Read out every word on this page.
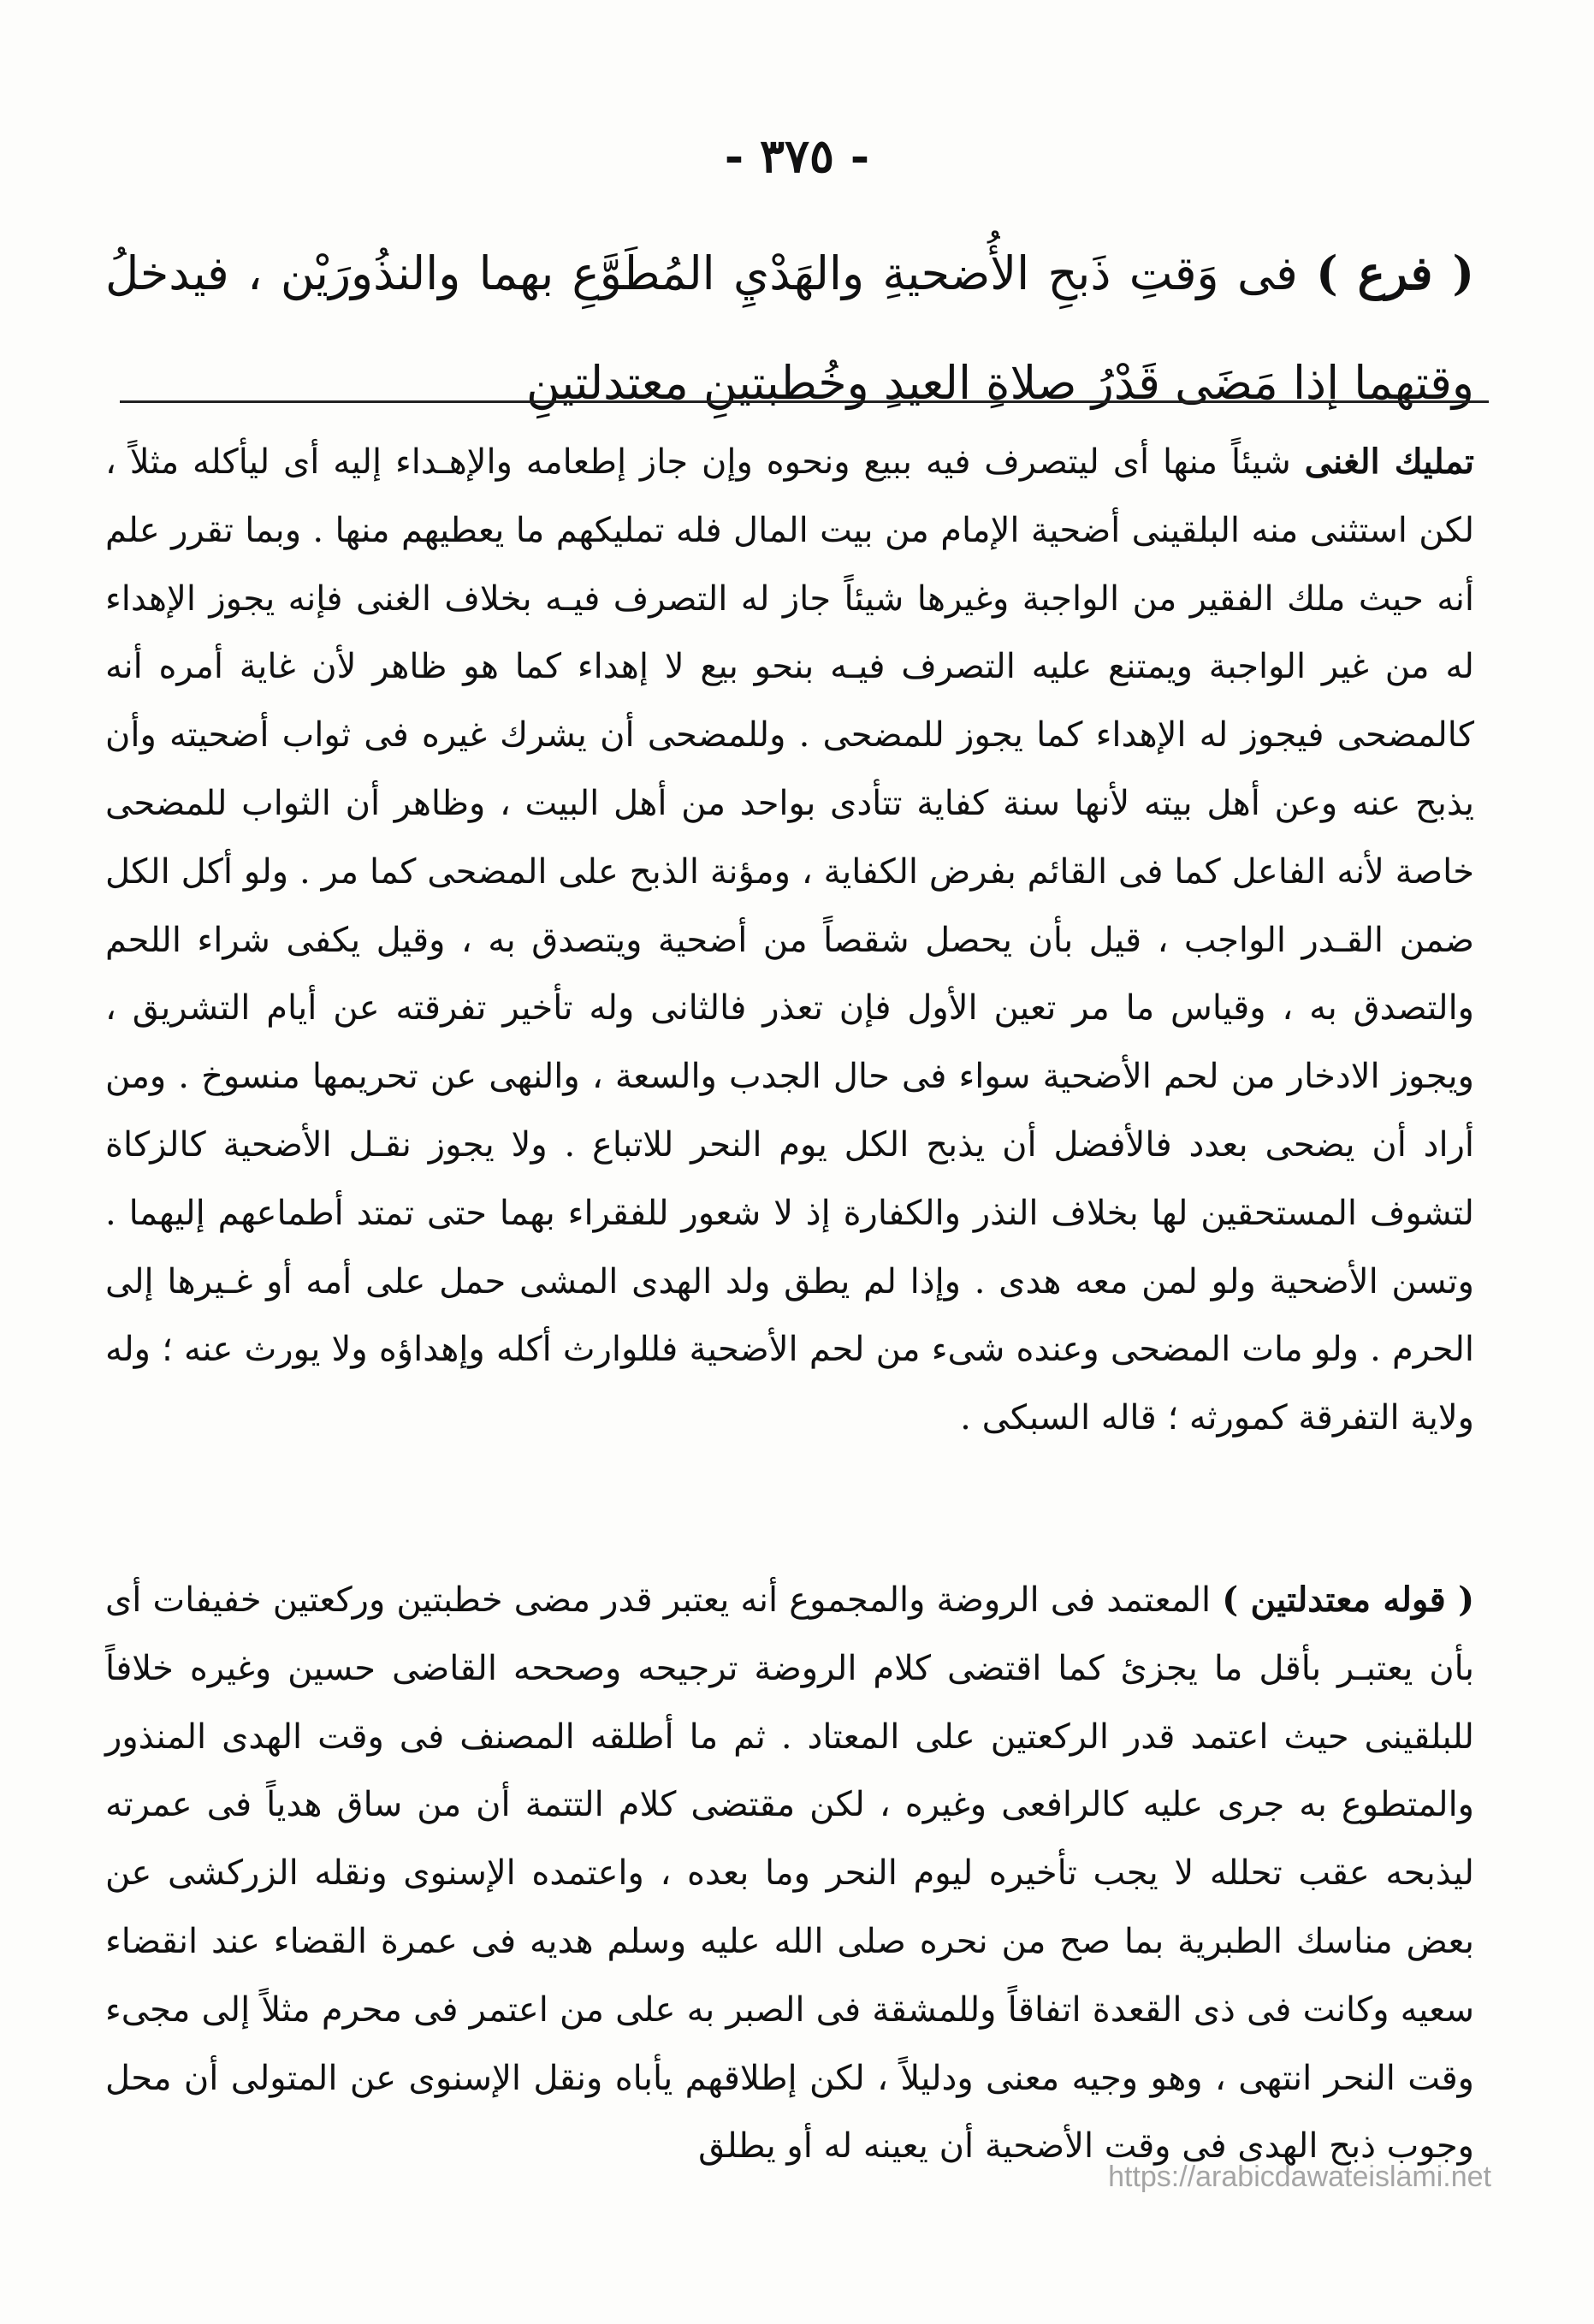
- ٣٧٥ -

( فرع ) فى وَقتِ ذَبحِ الأُضحيةِ والهَدْيِ المُطَوَّعِ بهما والنذُورَيْن ، فيدخلُ وقتهما إذا مَضَى قَدْرُ صلاةِ العيدِ وخُطبتينِ معتدلتينِ

تمليك الغنى شيئاً منها أى ليتصرف فيه ببيع ونحوه وإن جاز إطعامه والإهـداء إليه أى ليأكله مثلاً ، لكن استثنى منه البلقينى أضحية الإمام من بيت المال فله تمليكهم ما يعطيهم منها . وبما تقرر علم أنه حيث ملك الفقير من الواجبة وغيرها شيئاً جاز له التصرف فيـه بخلاف الغنى فإنه يجوز الإهداء له من غير الواجبة ويمتنع عليه التصرف فيـه بنحو بيع لا إهداء كما هو ظاهر لأن غاية أمره أنه كالمضحى فيجوز له الإهداء كما يجوز للمضحى . وللمضحى أن يشرك غيره فى ثواب أضحيته وأن يذبح عنه وعن أهل بيته لأنها سنة كفاية تتأدى بواحد من أهل البيت ، وظاهر أن الثواب للمضحى خاصة لأنه الفاعل كما فى القائم بفرض الكفاية ، ومؤنة الذبح على المضحى كما مر . ولو أكل الكل ضمن القـدر الواجب ، قيل بأن يحصل شقصاً من أضحية ويتصدق به ، وقيل يكفى شراء اللحم والتصدق به ، وقياس ما مر تعين الأول فإن تعذر فالثانى وله تأخير تفرقته عن أيام التشريق ، ويجوز الادخار من لحم الأضحية سواء فى حال الجدب والسعة ، والنهى عن تحريمها منسوخ . ومن أراد أن يضحى بعدد فالأفضل أن يذبح الكل يوم النحر للاتباع . ولا يجوز نقـل الأضحية كالزكاة لتشوف المستحقين لها بخلاف النذر والكفارة إذ لا شعور للفقراء بهما حتى تمتد أطماعهم إليهما . وتسن الأضحية ولو لمن معه هدى . وإذا لم يطق ولد الهدى المشى حمل على أمه أو غـيرها إلى الحرم . ولو مات المضحى وعنده شىء من لحم الأضحية فللوارث أكله وإهداؤه ولا يورث عنه ؛ وله ولاية التفرقة كمورثه ؛ قاله السبكى .

( قوله معتدلتين ) المعتمد فى الروضة والمجموع أنه يعتبر قدر مضى خطبتين وركعتين خفيفات أى بأن يعتبـر بأقل ما يجزئ كما اقتضى كلام الروضة ترجيحه وصححه القاضى حسين وغيره خلافاً للبلقينى حيث اعتمد قدر الركعتين على المعتاد . ثم ما أطلقه المصنف فى وقت الهدى المنذور والمتطوع به جرى عليه كالرافعى وغيره ، لكن مقتضى كلام التتمة أن من ساق هدياً فى عمرته ليذبحه عقب تحلله لا يجب تأخيره ليوم النحر وما بعده ، واعتمده الإسنوى ونقله الزركشى عن بعض مناسك الطبرية بما صح من نحره صلى الله عليه وسلم هديه فى عمرة القضاء عند انقضاء سعيه وكانت فى ذى القعدة اتفاقاً وللمشقة فى الصبر به على من اعتمر فى محرم مثلاً إلى مجىء وقت النحر انتهى ، وهو وجيه معنى ودليلاً ، لكن إطلاقهم يأباه ونقل الإسنوى عن المتولى أن محل وجوب ذبح الهدى فى وقت الأضحية أن يعينه له أو يطلق

https://arabicdawateislami.net
